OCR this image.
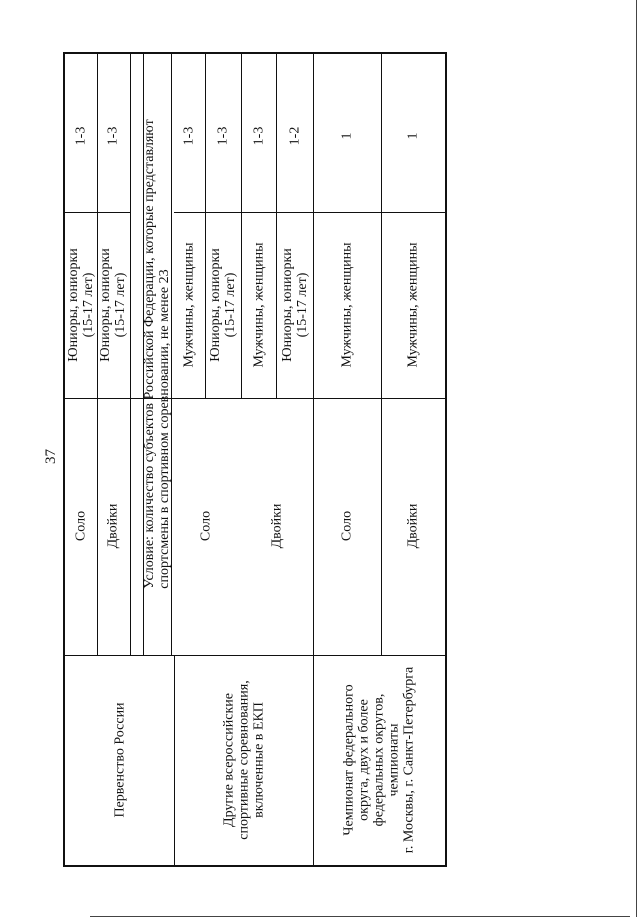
37
Первенство России
Соло
Юниоры, юниорки (15-17 лет)
1-3
Двойки
Юниоры, юниорки (15-17 лет)
1-3 Условие: количество субъектов Российской Федерации, которые представляют спортсмены в спортивном соревновании, не менее 23
Другие всероссийские спортивные соревнования, включенные в ЕКП
Соло
Мужчины, женщины
1-3
Юниоры, юниорки (15-17 лет)
1-3
Двойки
Мужчины, женщины
1-3
Юниоры, юниорки (15-17 лет)
1-2
Чемпионат федерального округа, двух и более федеральных округов, чемпионаты г. Москвы, г. Санкт-Петербурга
Соло
Мужчины, женщины
1
Двойки
Мужчины, женщины
1
